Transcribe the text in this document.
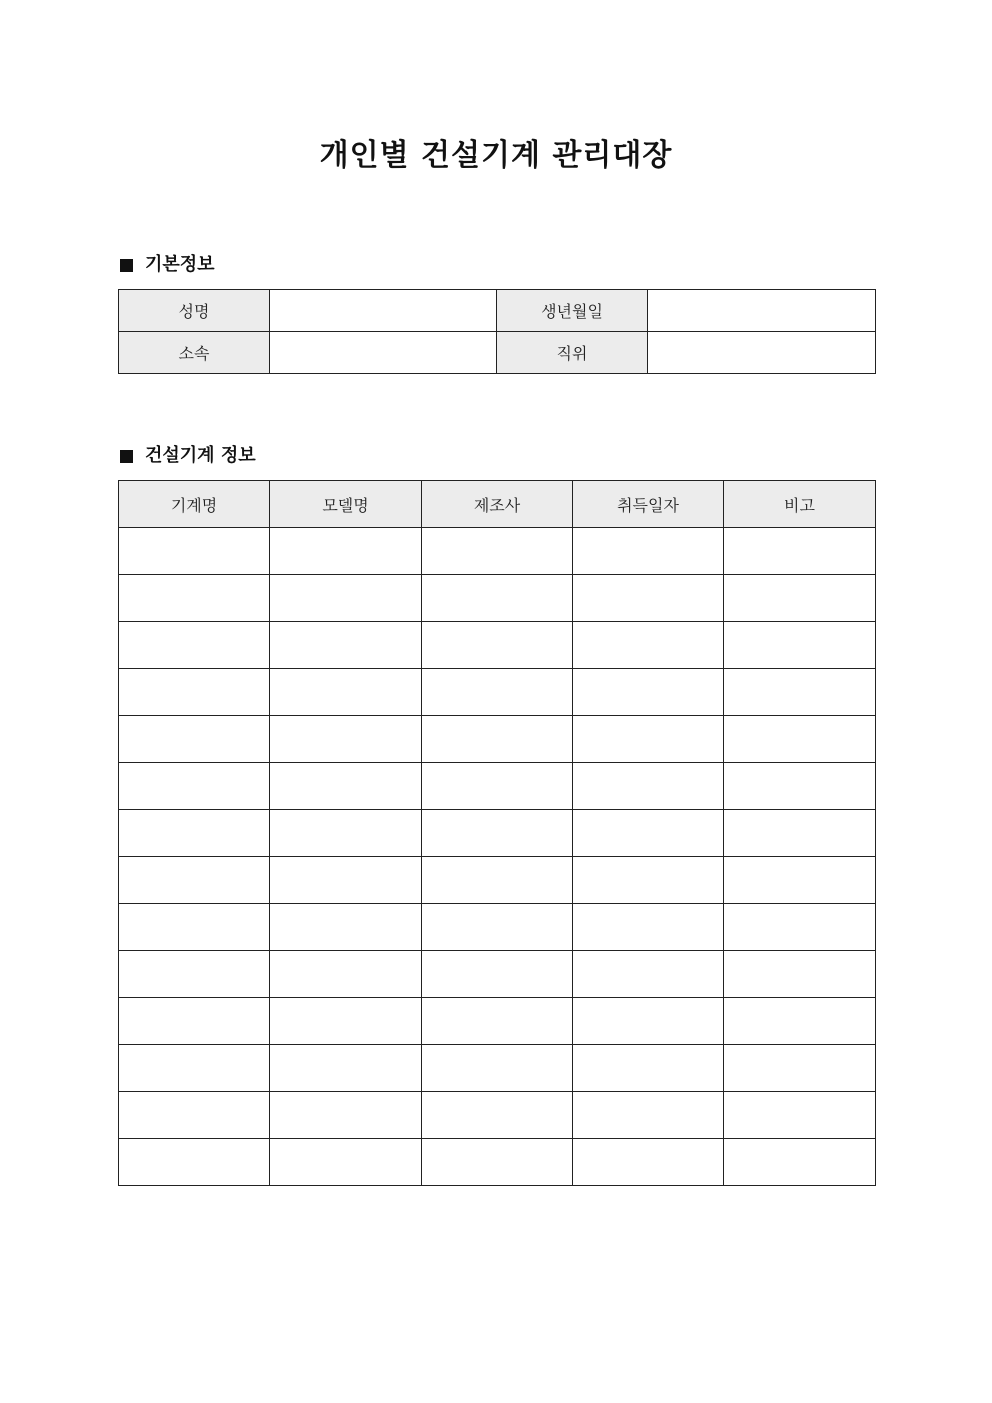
개인별 건설기계 관리대장
기본정보
성명		생년월일	
소속		직위	
건설기계 정보
기계명	모델명	제조사	취득일자	비고
